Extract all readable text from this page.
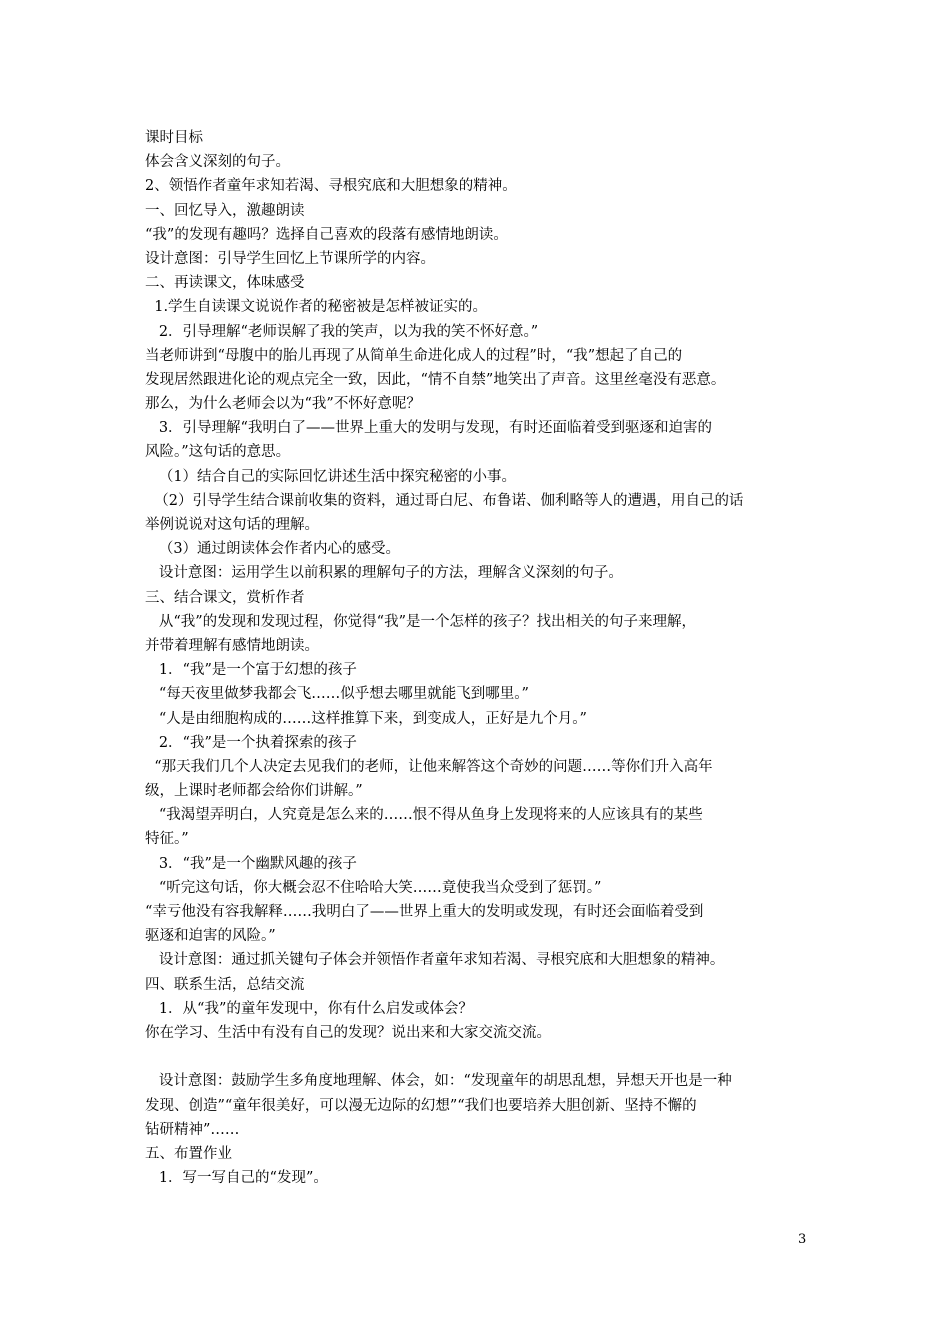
课时目标
体会含义深刻的句子。
2、领悟作者童年求知若渴、寻根究底和大胆想象的精神。
一、回忆导入，激趣朗读
“我”的发现有趣吗？选择自己喜欢的段落有感情地朗读。
设计意图：引导学生回忆上节课所学的内容。
二、再读课文，体味感受
1.学生自读课文说说作者的秘密被是怎样被证实的。
2．引导理解“老师误解了我的笑声，以为我的笑不怀好意。”
当老师讲到“母腹中的胎儿再现了从简单生命进化成人的过程”时，“我”想起了自己的
发现居然跟进化论的观点完全一致，因此，“情不自禁”地笑出了声音。这里丝毫没有恶意。
那么，为什么老师会以为“我”不怀好意呢？
3．引导理解“我明白了——世界上重大的发明与发现，有时还面临着受到驱逐和迫害的
风险。”这句话的意思。
（1）结合自己的实际回忆讲述生活中探究秘密的小事。
（2）引导学生结合课前收集的资料，通过哥白尼、布鲁诺、伽利略等人的遭遇，用自己的话
举例说说对这句话的理解。
（3）通过朗读体会作者内心的感受。
设计意图：运用学生以前积累的理解句子的方法，理解含义深刻的句子。
三、结合课文，赏析作者
从“我”的发现和发现过程，你觉得“我”是一个怎样的孩子？找出相关的句子来理解，
并带着理解有感情地朗读。
1．“我”是一个富于幻想的孩子
“每天夜里做梦我都会飞……似乎想去哪里就能飞到哪里。”
“人是由细胞构成的……这样推算下来，到变成人，正好是九个月。”
2．“我”是一个执着探索的孩子
“那天我们几个人决定去见我们的老师，让他来解答这个奇妙的问题……等你们升入高年
级，上课时老师都会给你们讲解。”
“我渴望弄明白，人究竟是怎么来的……恨不得从鱼身上发现将来的人应该具有的某些
特征。”
3．“我”是一个幽默风趣的孩子
“听完这句话，你大概会忍不住哈哈大笑……竟使我当众受到了惩罚。”
“幸亏他没有容我解释……我明白了——世界上重大的发明或发现，有时还会面临着受到
驱逐和迫害的风险。”
设计意图：通过抓关键句子体会并领悟作者童年求知若渴、寻根究底和大胆想象的精神。
四、联系生活，总结交流
1．从“我”的童年发现中，你有什么启发或体会？
你在学习、生活中有没有自己的发现？说出来和大家交流交流。
设计意图：鼓励学生多角度地理解、体会，如：“发现童年的胡思乱想，异想天开也是一种
发现、创造”“童年很美好，可以漫无边际的幻想”“我们也要培养大胆创新、坚持不懈的
钻研精神”……
五、布置作业
1．写一写自己的“发现”。
3
